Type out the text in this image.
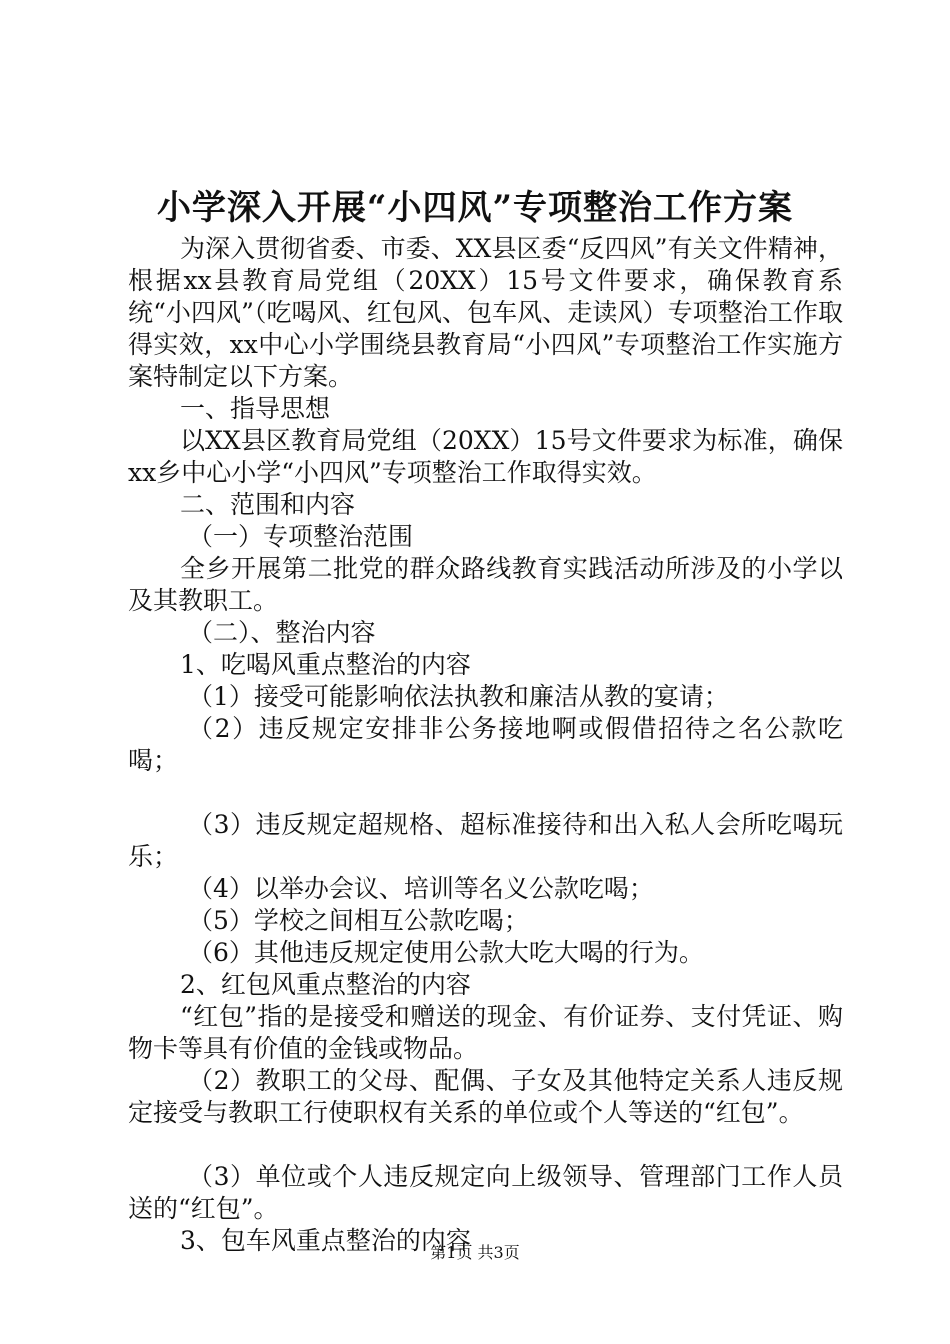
小学深入开展“小四风”专项整治工作方案

为深入贯彻省委、市委、XX县区委“反四风”有关文件精神，根据xx县教育局党组（20XX）15号文件要求，确保教育系统“小四风”（吃喝风、红包风、包车风、走读风）专项整治工作取得实效，xx中心小学围绕县教育局“小四风”专项整治工作实施方案特制定以下方案。

一、指导思想

以XX县区教育局党组（20XX）15号文件要求为标准，确保xx乡中心小学“小四风”专项整治工作取得实效。

二、范围和内容

（一）专项整治范围

全乡开展第二批党的群众路线教育实践活动所涉及的小学以及其教职工。

（二）、整治内容

1、吃喝风重点整治的内容

（1）接受可能影响依法执教和廉洁从教的宴请；

（2）违反规定安排非公务接地啊或假借招待之名公款吃喝；

（3）违反规定超规格、超标准接待和出入私人会所吃喝玩乐；

（4）以举办会议、培训等名义公款吃喝；

（5）学校之间相互公款吃喝；

（6）其他违反规定使用公款大吃大喝的行为。

2、红包风重点整治的内容

“红包”指的是接受和赠送的现金、有价证券、支付凭证、购物卡等具有价值的金钱或物品。

（2）教职工的父母、配偶、子女及其他特定关系人违反规定接受与教职工行使职权有关系的单位或个人等送的“红包”。

（3）单位或个人违反规定向上级领导、管理部门工作人员送的“红包”。

3、包车风重点整治的内容

第1页 共3页
